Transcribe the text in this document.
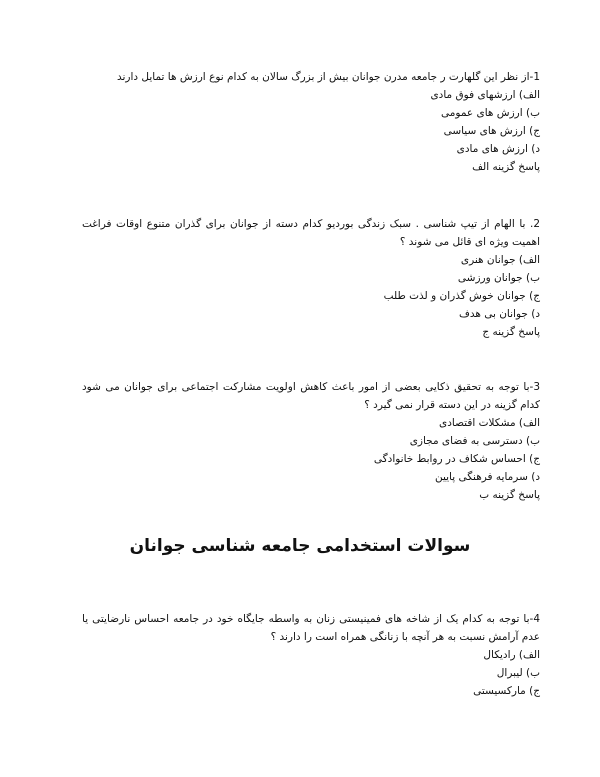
1-از نظر این گلهارت ر جامعه مدرن جوانان بیش از بزرگ سالان به کدام نوع ارزش ها تمایل دارند

الف) ارزشهای فوق مادی
ب) ارزش های عمومی
ج) ارزش های سیاسی
د) ارزش های مادی
پاسخ گزینه الف

2. با الهام از تیپ شناسی . سبک زندگی بوردیو کدام دسته از جوانان برای گذران متنوع اوقات فراغت اهمیت ویژه ای قائل می شوند ؟

الف) جوانان هنری
ب) جوانان ورزشی
ج) جوانان خوش گذران و لذت طلب
د) جوانان بی هدف
پاسخ گزینه ج

3-با توجه به تحقیق ذکایی بعضی از امور باعث کاهش اولویت مشارکت اجتماعی برای جوانان می شود کدام گزینه در این دسته قرار نمی گیرد ؟

الف) مشکلات اقتصادی
ب) دسترسی به فضای مجازی
ج) احساس شکاف در روابط خانوادگی
د) سرمایه فرهنگی پایین
پاسخ گزینه ب
سوالات استخدامی جامعه شناسی جوانان

4-با توجه به کدام یک از شاخه های فمینیستی زنان به واسطه جایگاه خود در جامعه احساس نارضایتی یا عدم آرامش نسبت به هر آنچه با زنانگی همراه است را دارند ؟

الف) رادیکال
ب) لیبرال
ج) مارکسیستی
